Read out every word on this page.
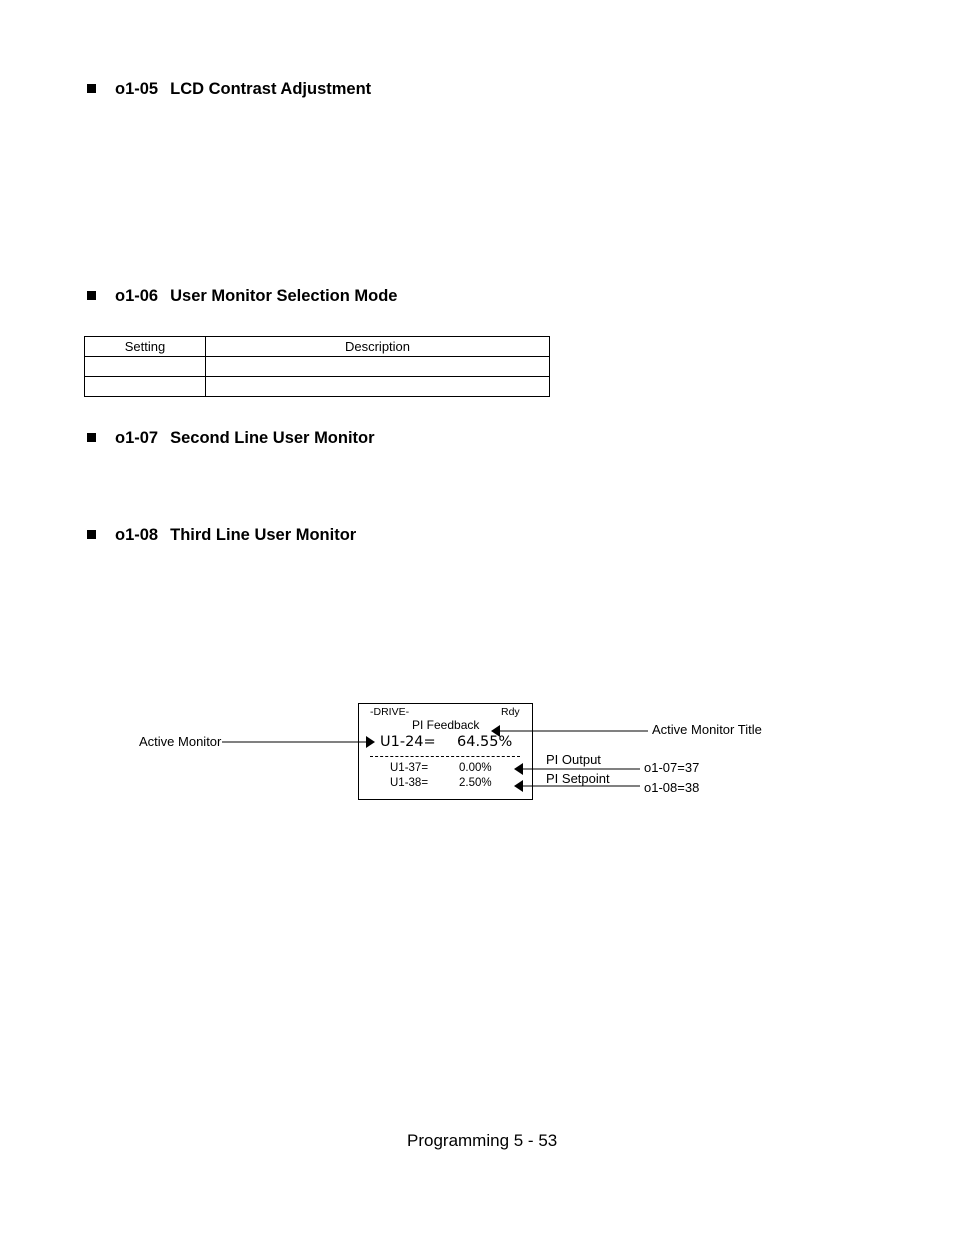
o1-05 LCD Contrast Adjustment
o1-06 User Monitor Selection Mode
Setting	Description

o1-07 Second Line User Monitor
o1-08 Third Line User Monitor
-DRIVE-	Rdy
PI Feedback
U1-24= 64.55%
U1-37=	0.00%
U1-38=	2.50%
Active Monitor
Active Monitor Title
PI Output
PI Setpoint
o1-07=37
o1-08=38
Programming 5 - 53
